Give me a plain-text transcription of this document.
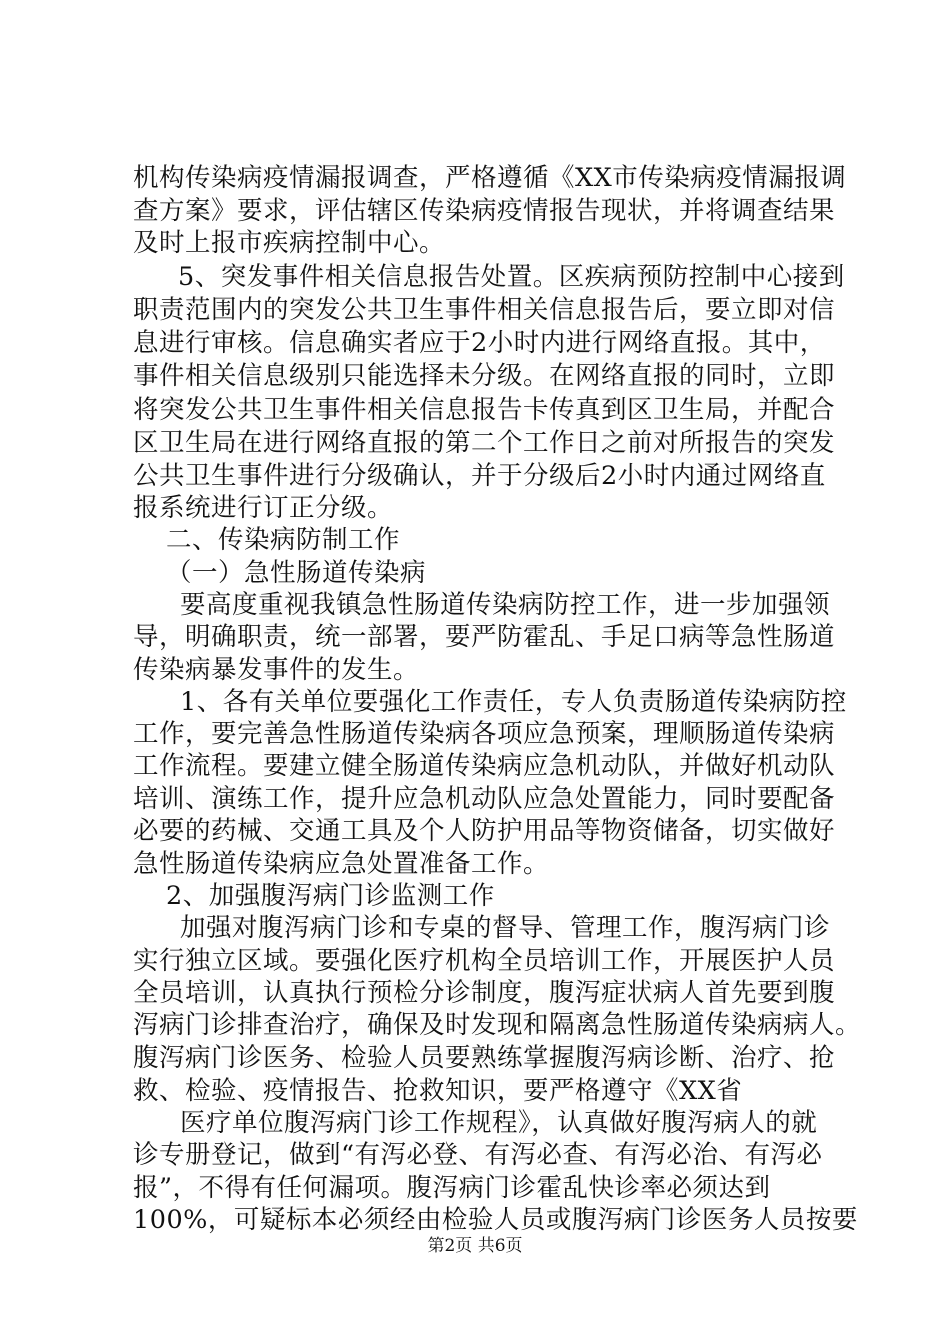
机构传染病疫情漏报调查，严格遵循《XX市传染病疫情漏报调
查方案》要求，评估辖区传染病疫情报告现状，并将调查结果
及时上报市疾病控制中心。
5、突发事件相关信息报告处置。区疾病预防控制中心接到
职责范围内的突发公共卫生事件相关信息报告后，要立即对信
息进行审核。信息确实者应于2小时内进行网络直报。其中，
事件相关信息级别只能选择未分级。在网络直报的同时，立即
将突发公共卫生事件相关信息报告卡传真到区卫生局，并配合
区卫生局在进行网络直报的第二个工作日之前对所报告的突发
公共卫生事件进行分级确认，并于分级后2小时内通过网络直
报系统进行订正分级。
二、传染病防制工作
（一）急性肠道传染病
要高度重视我镇急性肠道传染病防控工作，进一步加强领
导，明确职责，统一部署，要严防霍乱、手足口病等急性肠道
传染病暴发事件的发生。
1、各有关单位要强化工作责任，专人负责肠道传染病防控
工作，要完善急性肠道传染病各项应急预案，理顺肠道传染病
工作流程。要建立健全肠道传染病应急机动队，并做好机动队
培训、演练工作，提升应急机动队应急处置能力，同时要配备
必要的药械、交通工具及个人防护用品等物资储备，切实做好
急性肠道传染病应急处置准备工作。
2、加强腹泻病门诊监测工作
加强对腹泻病门诊和专桌的督导、管理工作，腹泻病门诊
实行独立区域。要强化医疗机构全员培训工作，开展医护人员
全员培训，认真执行预检分诊制度，腹泻症状病人首先要到腹
泻病门诊排查治疗，确保及时发现和隔离急性肠道传染病病人。
腹泻病门诊医务、检验人员要熟练掌握腹泻病诊断、治疗、抢
救、检验、疫情报告、抢救知识，要严格遵守《XX省
医疗单位腹泻病门诊工作规程》，认真做好腹泻病人的就
诊专册登记，做到“有泻必登、有泻必查、有泻必治、有泻必
报”，不得有任何漏项。腹泻病门诊霍乱快诊率必须达到
100%，可疑标本必须经由检验人员或腹泻病门诊医务人员按要
第2页 共6页
